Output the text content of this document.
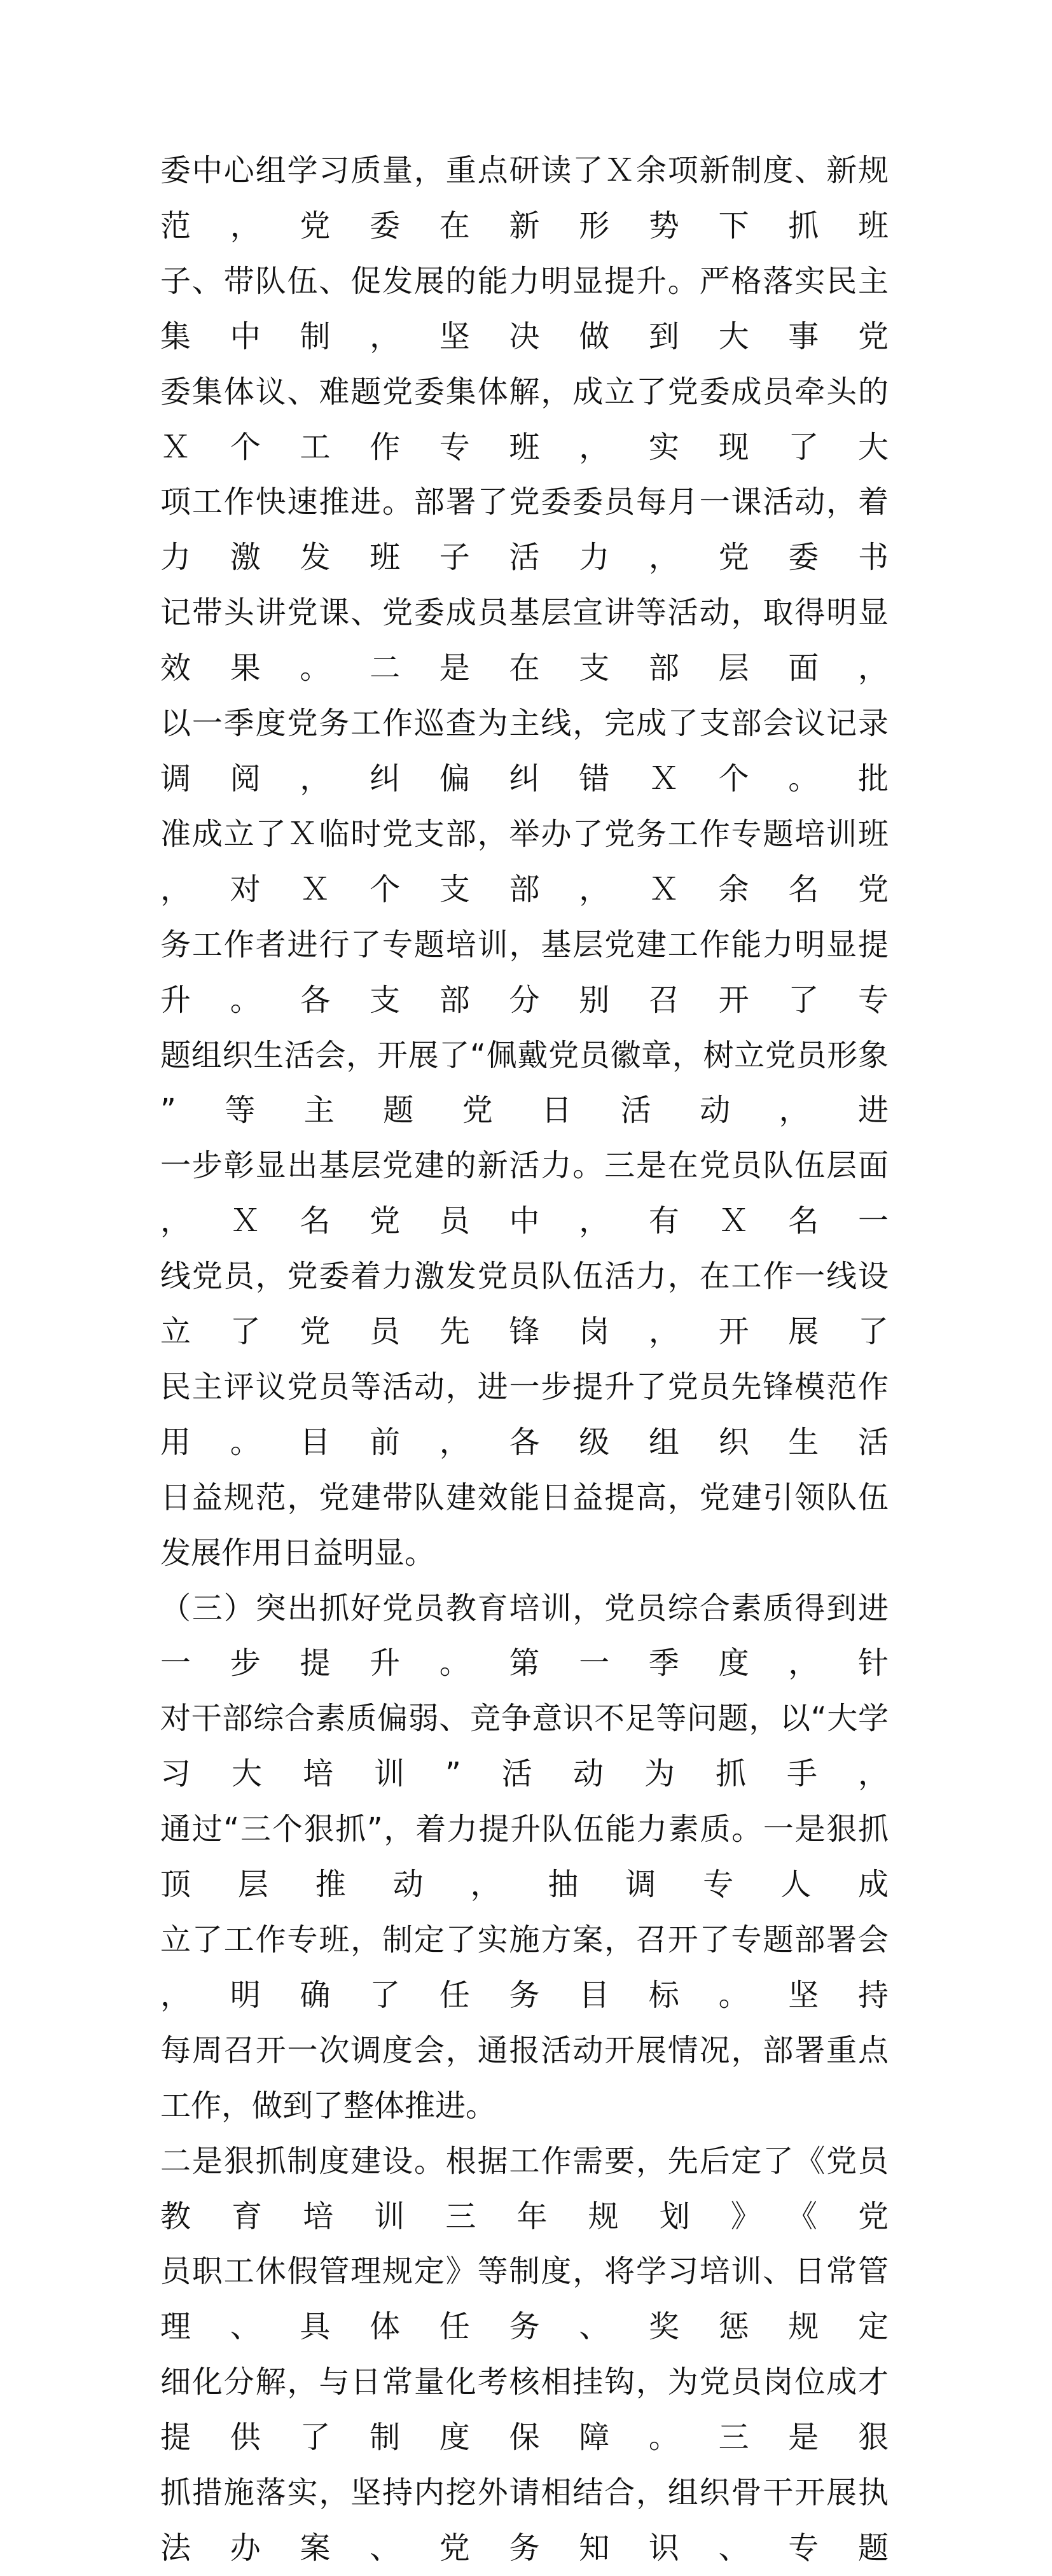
委中心组学习质量，重点研读了Ｘ余项新制度、新规范，党委在新形势下抓班
子、带队伍、促发展的能力明显提升。严格落实民主集中制，坚决做到大事党
委集体议、难题党委集体解，成立了党委成员牵头的Ｘ个工作专班，实现了大
项工作快速推进。部署了党委委员每月一课活动，着力激发班子活力，党委书
记带头讲党课、党委成员基层宣讲等活动，取得明显效果。二是在支部层面，
以一季度党务工作巡查为主线，完成了支部会议记录调阅，纠偏纠错Ｘ个。批
准成立了Ｘ临时党支部，举办了党务工作专题培训班，对Ｘ个支部，Ｘ余名党
务工作者进行了专题培训，基层党建工作能力明显提升。各支部分别召开了专
题组织生活会，开展了“佩戴党员徽章，树立党员形象”等主题党日活动，进
一步彰显出基层党建的新活力。三是在党员队伍层面，Ｘ名党员中，有Ｘ名一
线党员，党委着力激发党员队伍活力，在工作一线设立了党员先锋岗，开展了
民主评议党员等活动，进一步提升了党员先锋模范作用。目前，各级组织生活
日益规范，党建带队建效能日益提高，党建引领队伍发展作用日益明显。
（三）突出抓好党员教育培训，党员综合素质得到进一步提升。第一季度，针
对干部综合素质偏弱、竞争意识不足等问题，以“大学习大培训”活动为抓手，
通过“三个狠抓”，着力提升队伍能力素质。一是狠抓顶层推动，抽调专人成
立了工作专班，制定了实施方案，召开了专题部署会，明确了任务目标。坚持
每周召开一次调度会，通报活动开展情况，部署重点工作，做到了整体推进。
二是狠抓制度建设。根据工作需要，先后定了《党员教育培训三年规划》《党
员职工休假管理规定》等制度，将学习培训、日常管理、具体任务、奖惩规定
细化分解，与日常量化考核相挂钩，为党员岗位成才提供了制度保障。三是狠
抓措施落实，坚持内挖外请相结合，组织骨干开展执法办案、党务知识、专题
